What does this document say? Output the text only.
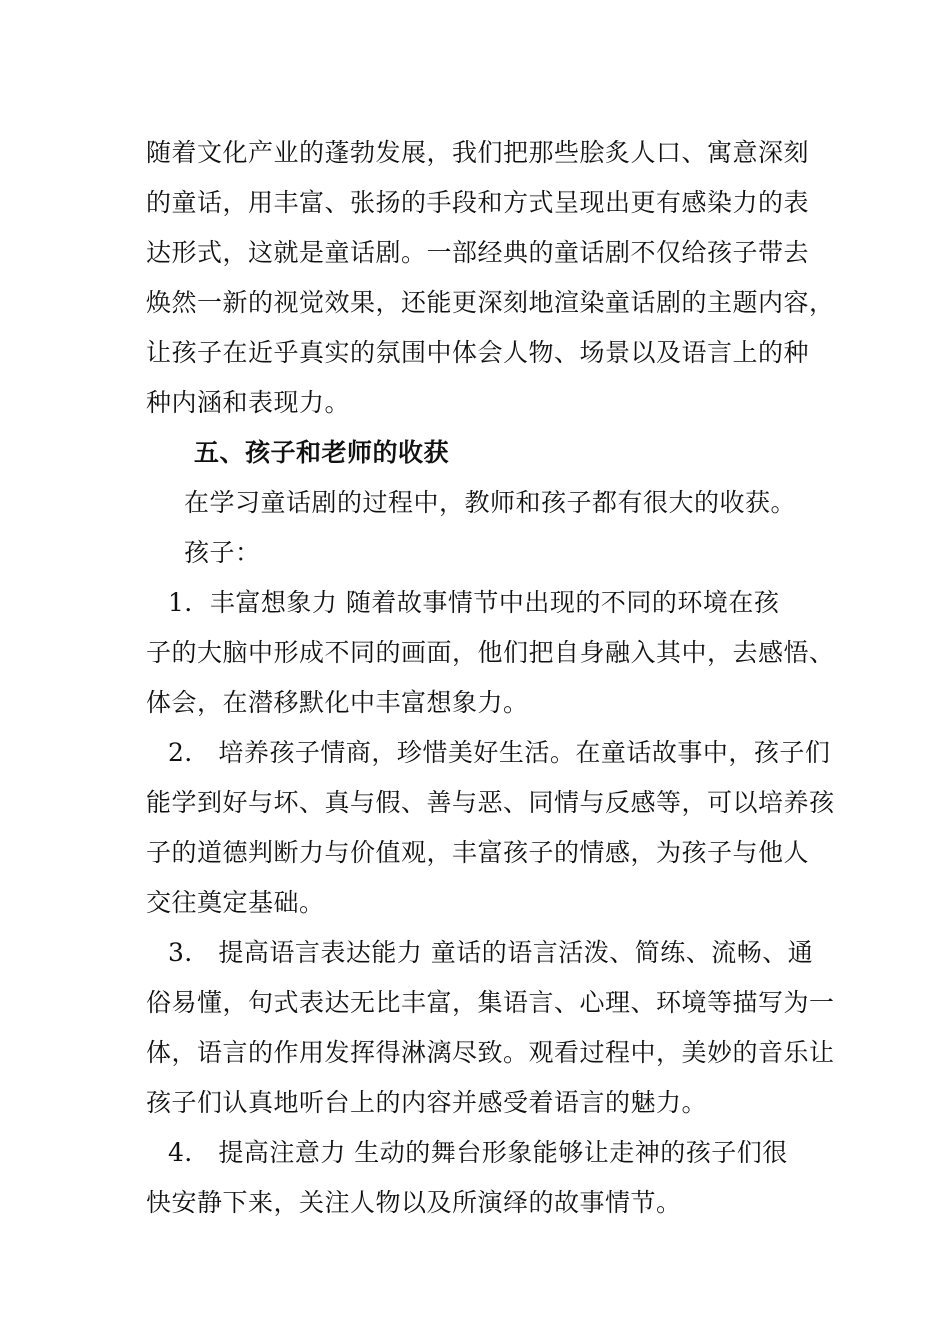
随着文化产业的蓬勃发展，我们把那些脍炙人口、寓意深刻
的童话，用丰富、张扬的手段和方式呈现出更有感染力的表
达形式，这就是童话剧。一部经典的童话剧不仅给孩子带去
焕然一新的视觉效果，还能更深刻地渲染童话剧的主题内容，
让孩子在近乎真实的氛围中体会人物、场景以及语言上的种
种内涵和表现力。
五、孩子和老师的收获
在学习童话剧的过程中，教师和孩子都有很大的收获。
孩子：
1．丰富想象力 随着故事情节中出现的不同的环境在孩
子的大脑中形成不同的画面，他们把自身融入其中，去感悟、
体会，在潜移默化中丰富想象力。
2． 培养孩子情商，珍惜美好生活。在童话故事中，孩子们
能学到好与坏、真与假、善与恶、同情与反感等，可以培养孩
子的道德判断力与价值观，丰富孩子的情感，为孩子与他人
交往奠定基础。
3． 提高语言表达能力 童话的语言活泼、简练、流畅、通
俗易懂，句式表达无比丰富，集语言、心理、环境等描写为一
体，语言的作用发挥得淋漓尽致。观看过程中，美妙的音乐让
孩子们认真地听台上的内容并感受着语言的魅力。
4． 提高注意力 生动的舞台形象能够让走神的孩子们很
快安静下来，关注人物以及所演绎的故事情节。
